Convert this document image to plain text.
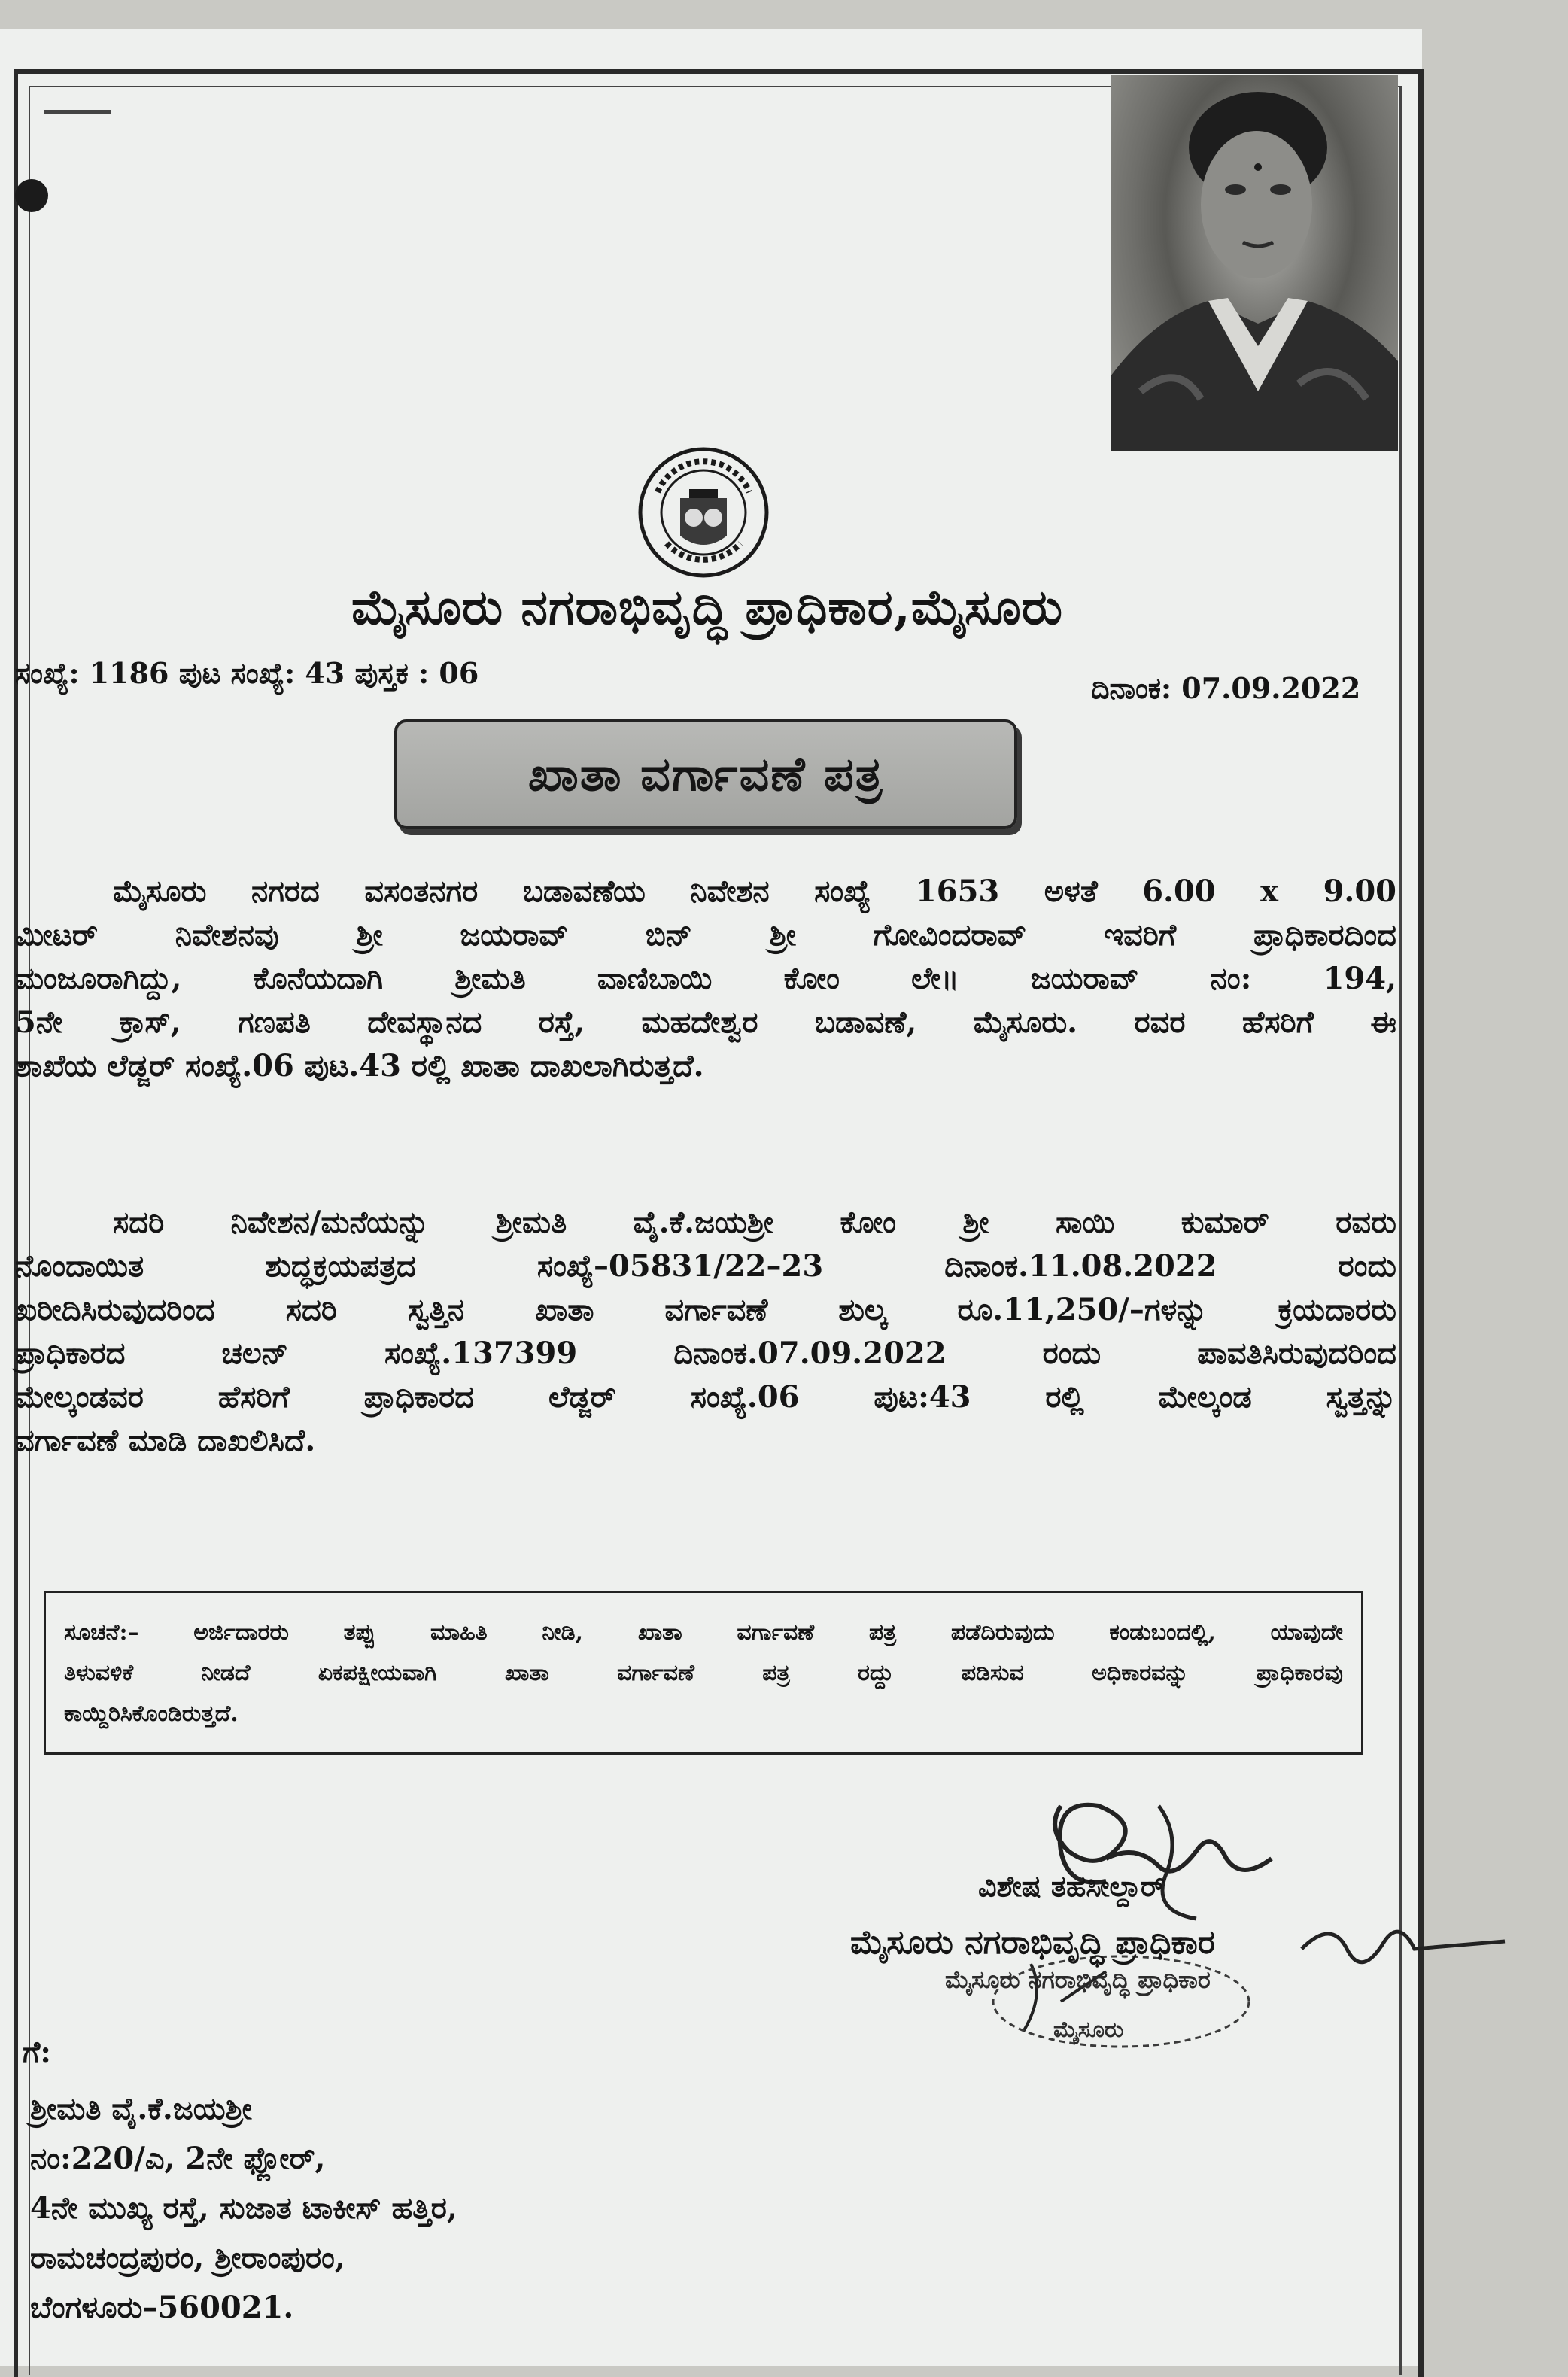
ಮೈಸೂರು ನಗರಾಭಿವೃದ್ಧಿ ಪ್ರಾಧಿಕಾರ,ಮೈಸೂರು
ಸಂಖ್ಯೆ: 1186 ಪುಟ ಸಂಖ್ಯೆ: 43 ಪುಸ್ತಕ : 06	ದಿನಾಂಕ: 07.09.2022
ಖಾತಾ ವರ್ಗಾವಣೆ ಪತ್ರ
ಮೈಸೂರು ನಗರದ ವಸಂತನಗರ ಬಡಾವಣೆಯ ನಿವೇಶನ ಸಂಖ್ಯೆ 1653 ಅಳತೆ 6.00 x 9.00
ಮೀಟರ್ ನಿವೇಶನವು ಶ್ರೀ ಜಯರಾವ್ ಬಿನ್ ಶ್ರೀ ಗೋವಿಂದರಾವ್ ಇವರಿಗೆ ಪ್ರಾಧಿಕಾರದಿಂದ
ಮಂಜೂರಾಗಿದ್ದು, ಕೊನೆಯದಾಗಿ ಶ್ರೀಮತಿ ವಾಣಿಬಾಯಿ ಕೋಂ ಲೇ॥ ಜಯರಾವ್ ನಂ: 194,
5ನೇ ಕ್ರಾಸ್, ಗಣಪತಿ ದೇವಸ್ಥಾನದ ರಸ್ತೆ, ಮಹದೇಶ್ವರ ಬಡಾವಣೆ, ಮೈಸೂರು. ರವರ ಹೆಸರಿಗೆ ಈ
ಶಾಖೆಯ ಲೆಡ್ಜರ್ ಸಂಖ್ಯೆ.06 ಪುಟ.43 ರಲ್ಲಿ ಖಾತಾ ದಾಖಲಾಗಿರುತ್ತದೆ.
ಸದರಿ ನಿವೇಶನ/ಮನೆಯನ್ನು ಶ್ರೀಮತಿ ವೈ.ಕೆ.ಜಯಶ್ರೀ ಕೋಂ ಶ್ರೀ ಸಾಯಿ ಕುಮಾರ್ ರವರು
ನೊಂದಾಯಿತ ಶುದ್ಧಕ್ರಯಪತ್ರದ ಸಂಖ್ಯೆ–05831/22–23 ದಿನಾಂಕ.11.08.2022 ರಂದು
ಖರೀದಿಸಿರುವುದರಿಂದ ಸದರಿ ಸ್ವತ್ತಿನ ಖಾತಾ ವರ್ಗಾವಣೆ ಶುಲ್ಕ ರೂ.11,250/–ಗಳನ್ನು ಕ್ರಯದಾರರು
ಪ್ರಾಧಿಕಾರದ ಚಲನ್ ಸಂಖ್ಯೆ.137399 ದಿನಾಂಕ.07.09.2022 ರಂದು ಪಾವತಿಸಿರುವುದರಿಂದ
ಮೇಲ್ಕಂಡವರ ಹೆಸರಿಗೆ ಪ್ರಾಧಿಕಾರದ ಲೆಡ್ಜರ್ ಸಂಖ್ಯೆ.06 ಪುಟ:43 ರಲ್ಲಿ ಮೇಲ್ಕಂಡ ಸ್ವತ್ತನ್ನು
ವರ್ಗಾವಣೆ ಮಾಡಿ ದಾಖಲಿಸಿದೆ.
ಸೂಚನೆ:– ಅರ್ಜಿದಾರರು ತಪ್ಪು ಮಾಹಿತಿ ನೀಡಿ, ಖಾತಾ ವರ್ಗಾವಣೆ ಪತ್ರ ಪಡೆದಿರುವುದು ಕಂಡುಬಂದಲ್ಲಿ, ಯಾವುದೇ
ತಿಳುವಳಿಕೆ ನೀಡದೆ ಏಕಪಕ್ಷೀಯವಾಗಿ ಖಾತಾ ವರ್ಗಾವಣೆ ಪತ್ರ ರದ್ದು ಪಡಿಸುವ ಅಧಿಕಾರವನ್ನು ಪ್ರಾಧಿಕಾರವು
ಕಾಯ್ದಿರಿಸಿಕೊಂಡಿರುತ್ತದೆ.
ವಿಶೇಷ ತಹಸೀಲ್ದಾರ್
ಮೈಸೂರು ನಗರಾಭಿವೃದ್ಧಿ ಪ್ರಾಧಿಕಾರ
ಮೈಸೂರು ನಗರಾಭಿವೃದ್ಧಿ ಪ್ರಾಧಿಕಾರ
ಮೈಸೂರು
ಗೆ:
ಶ್ರೀಮತಿ ವೈ.ಕೆ.ಜಯಶ್ರೀ
ನಂ:220/ಎ, 2ನೇ ಫ್ಲೋರ್,
4ನೇ ಮುಖ್ಯ ರಸ್ತೆ, ಸುಜಾತ ಟಾಕೀಸ್ ಹತ್ತಿರ,
ರಾಮಚಂದ್ರಪುರಂ, ಶ್ರೀರಾಂಪುರಂ,
ಬೆಂಗಳೂರು–560021.
